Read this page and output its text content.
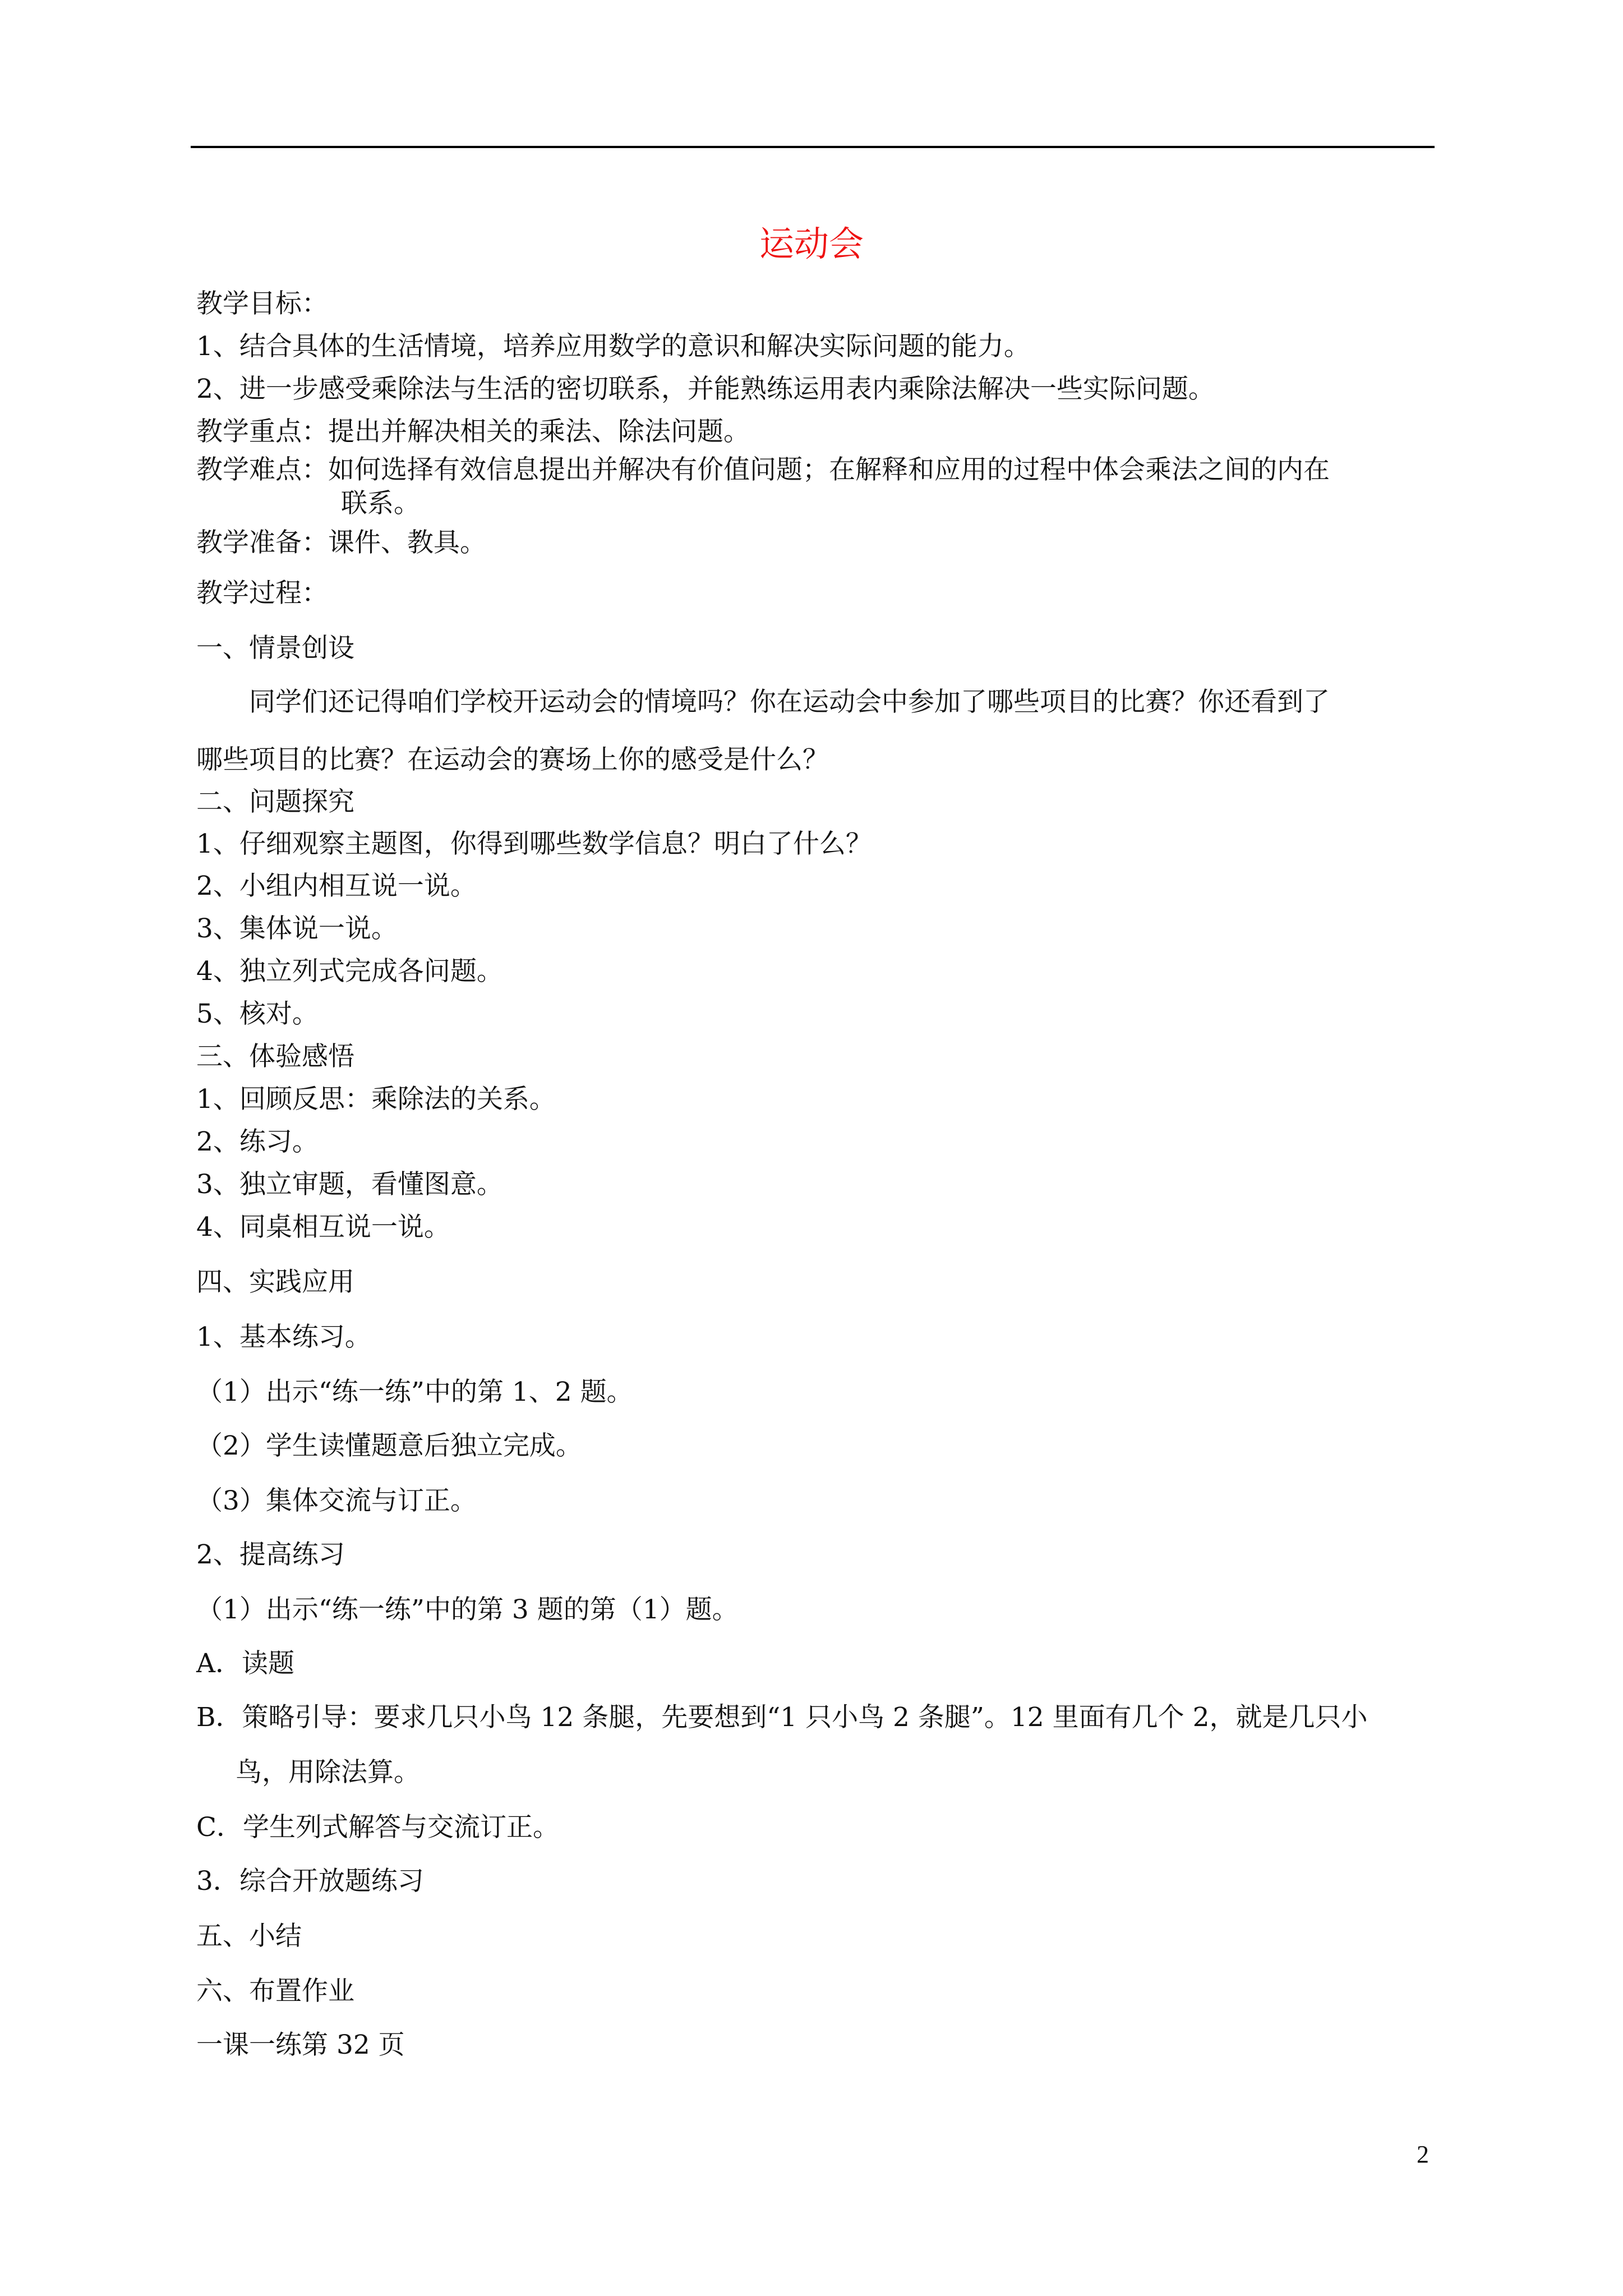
运动会
教学目标：
1、结合具体的生活情境，培养应用数学的意识和解决实际问题的能力。
2、进一步感受乘除法与生活的密切联系，并能熟练运用表内乘除法解决一些实际问题。
教学重点：提出并解决相关的乘法、除法问题。
教学难点：如何选择有效信息提出并解决有价值问题；在解释和应用的过程中体会乘法之间的内在
联系。
教学准备：课件、教具。
教学过程：
一、情景创设
同学们还记得咱们学校开运动会的情境吗？你在运动会中参加了哪些项目的比赛？你还看到了
哪些项目的比赛？在运动会的赛场上你的感受是什么？
二、问题探究
1、仔细观察主题图，你得到哪些数学信息？明白了什么？
2、小组内相互说一说。
3、集体说一说。
4、独立列式完成各问题。
5、核对。
三、体验感悟
1、回顾反思：乘除法的关系。
2、练习。
3、独立审题，看懂图意。
4、同桌相互说一说。
四、实践应用
1、基本练习。
（1）出示“练一练”中的第 1、2 题。
（2）学生读懂题意后独立完成。
（3）集体交流与订正。
2、提高练习
（1）出示“练一练”中的第 3 题的第（1）题。
A．读题
B．策略引导：要求几只小鸟 12 条腿，先要想到“1 只小鸟 2 条腿”。12 里面有几个 2，就是几只小
鸟，用除法算。
C．学生列式解答与交流订正。
3．综合开放题练习
五、小结
六、布置作业
一课一练第 32 页
2
